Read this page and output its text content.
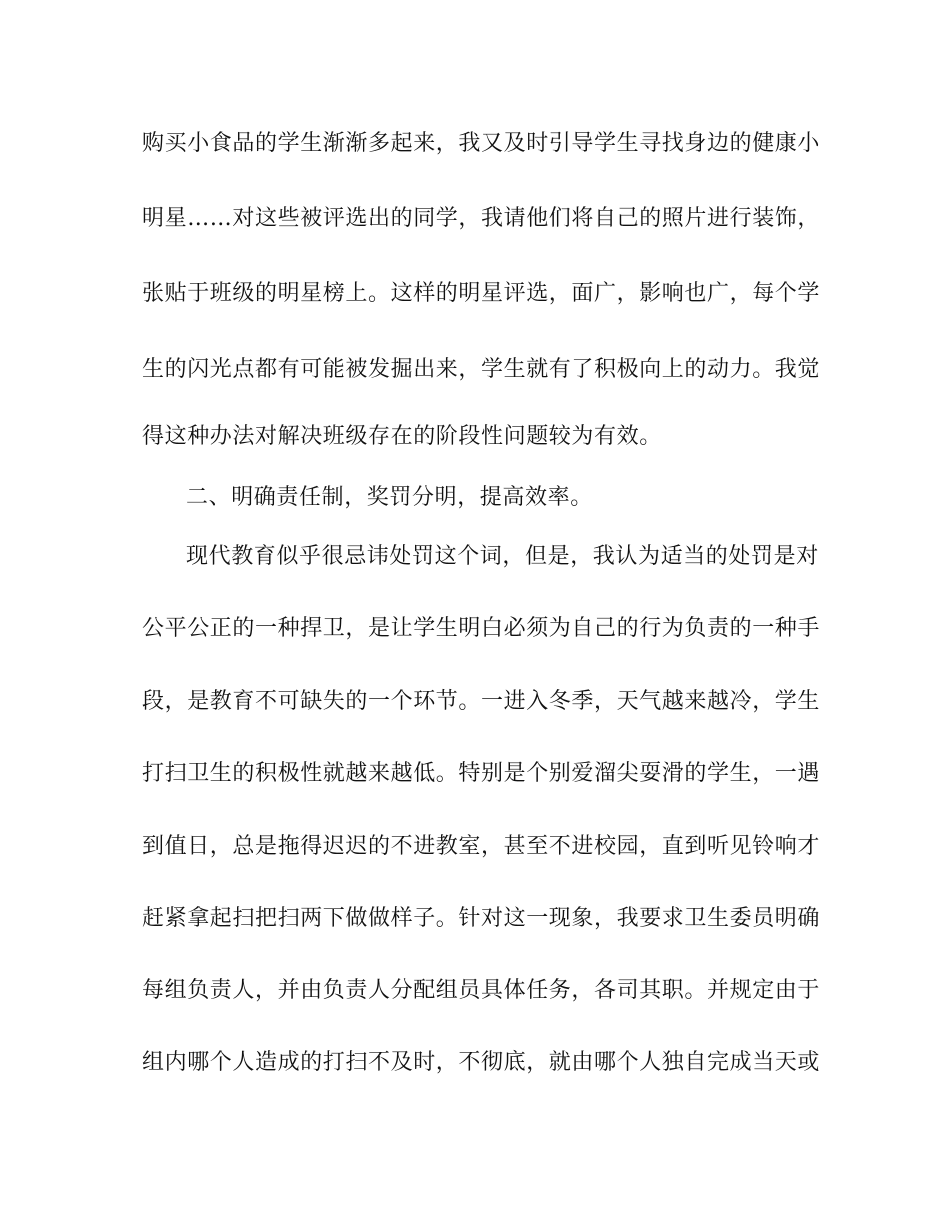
购买小食品的学生渐渐多起来，我又及时引导学生寻找身边的健康小
明星……对这些被评选出的同学，我请他们将自己的照片进行装饰，
张贴于班级的明星榜上。这样的明星评选，面广，影响也广，每个学
生的闪光点都有可能被发掘出来，学生就有了积极向上的动力。我觉
得这种办法对解决班级存在的阶段性问题较为有效。
二、明确责任制，奖罚分明，提高效率。
现代教育似乎很忌讳处罚这个词，但是，我认为适当的处罚是对
公平公正的一种捍卫，是让学生明白必须为自己的行为负责的一种手
段，是教育不可缺失的一个环节。一进入冬季，天气越来越冷，学生
打扫卫生的积极性就越来越低。特别是个别爱溜尖耍滑的学生，一遇
到值日，总是拖得迟迟的不进教室，甚至不进校园，直到听见铃响才
赶紧拿起扫把扫两下做做样子。针对这一现象，我要求卫生委员明确
每组负责人，并由负责人分配组员具体任务，各司其职。并规定由于
组内哪个人造成的打扫不及时，不彻底，就由哪个人独自完成当天或
